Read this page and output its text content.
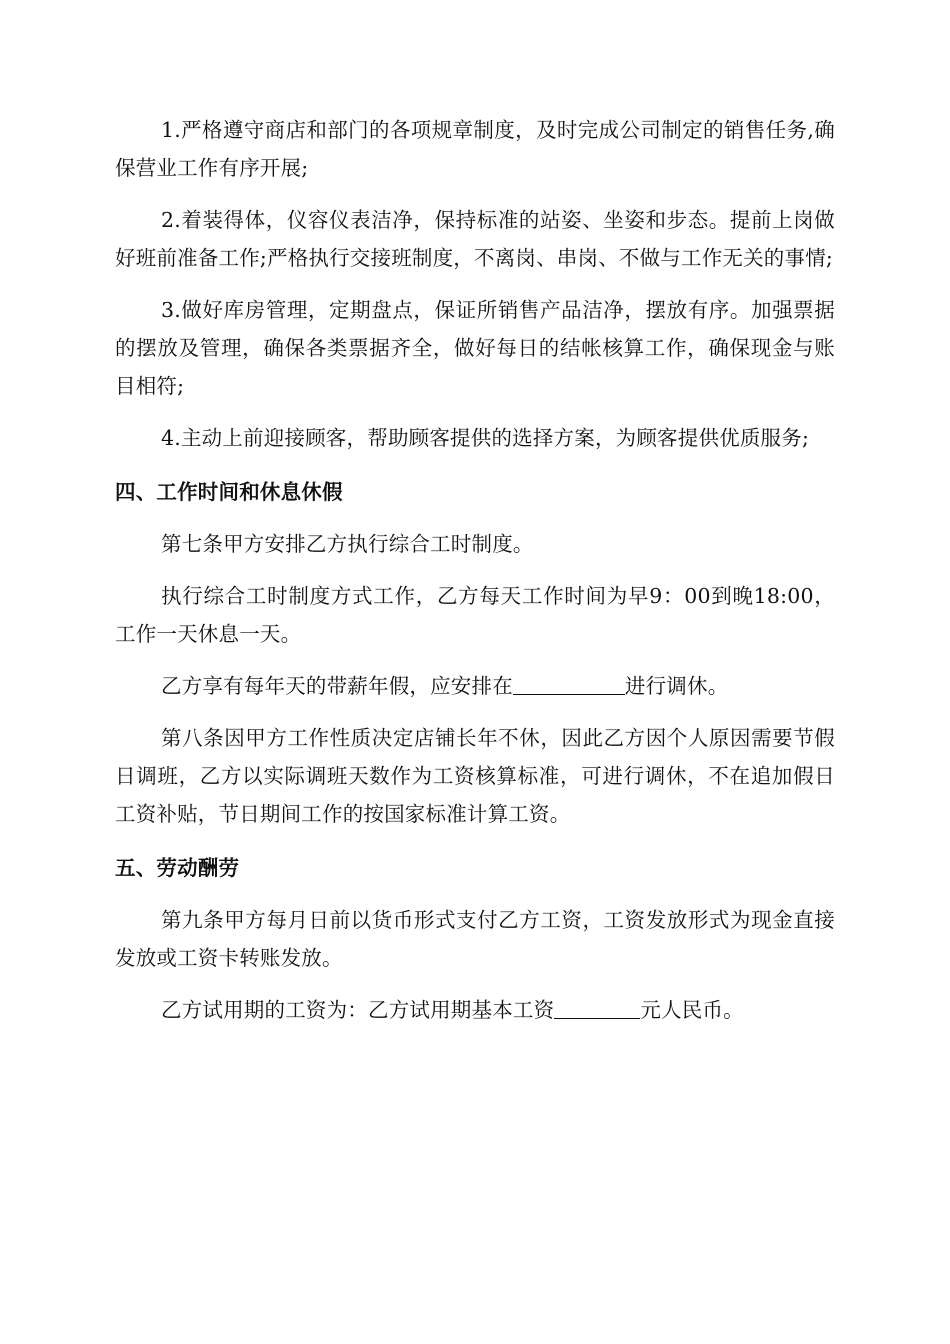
1.严格遵守商店和部门的各项规章制度，及时完成公司制定的销售任务,确保营业工作有序开展;

2.着装得体，仪容仪表洁净，保持标准的站姿、坐姿和步态。提前上岗做好班前准备工作;严格执行交接班制度，不离岗、串岗、不做与工作无关的事情;

3.做好库房管理，定期盘点，保证所销售产品洁净，摆放有序。加强票据的摆放及管理，确保各类票据齐全，做好每日的结帐核算工作，确保现金与账目相符;

4.主动上前迎接顾客，帮助顾客提供的选择方案，为顾客提供优质服务;

四、工作时间和休息休假

第七条甲方安排乙方执行综合工时制度。

执行综合工时制度方式工作，乙方每天工作时间为早9：00到晚18:00，工作一天休息一天。

乙方享有每年天的带薪年假，应安排在	进行调休。

第八条因甲方工作性质决定店铺长年不休，因此乙方因个人原因需要节假日调班，乙方以实际调班天数作为工资核算标准，可进行调休，不在追加假日工资补贴，节日期间工作的按国家标准计算工资。

五、劳动酬劳

第九条甲方每月日前以货币形式支付乙方工资，工资发放形式为现金直接发放或工资卡转账发放。

乙方试用期的工资为：乙方试用期基本工资	元人民币。
